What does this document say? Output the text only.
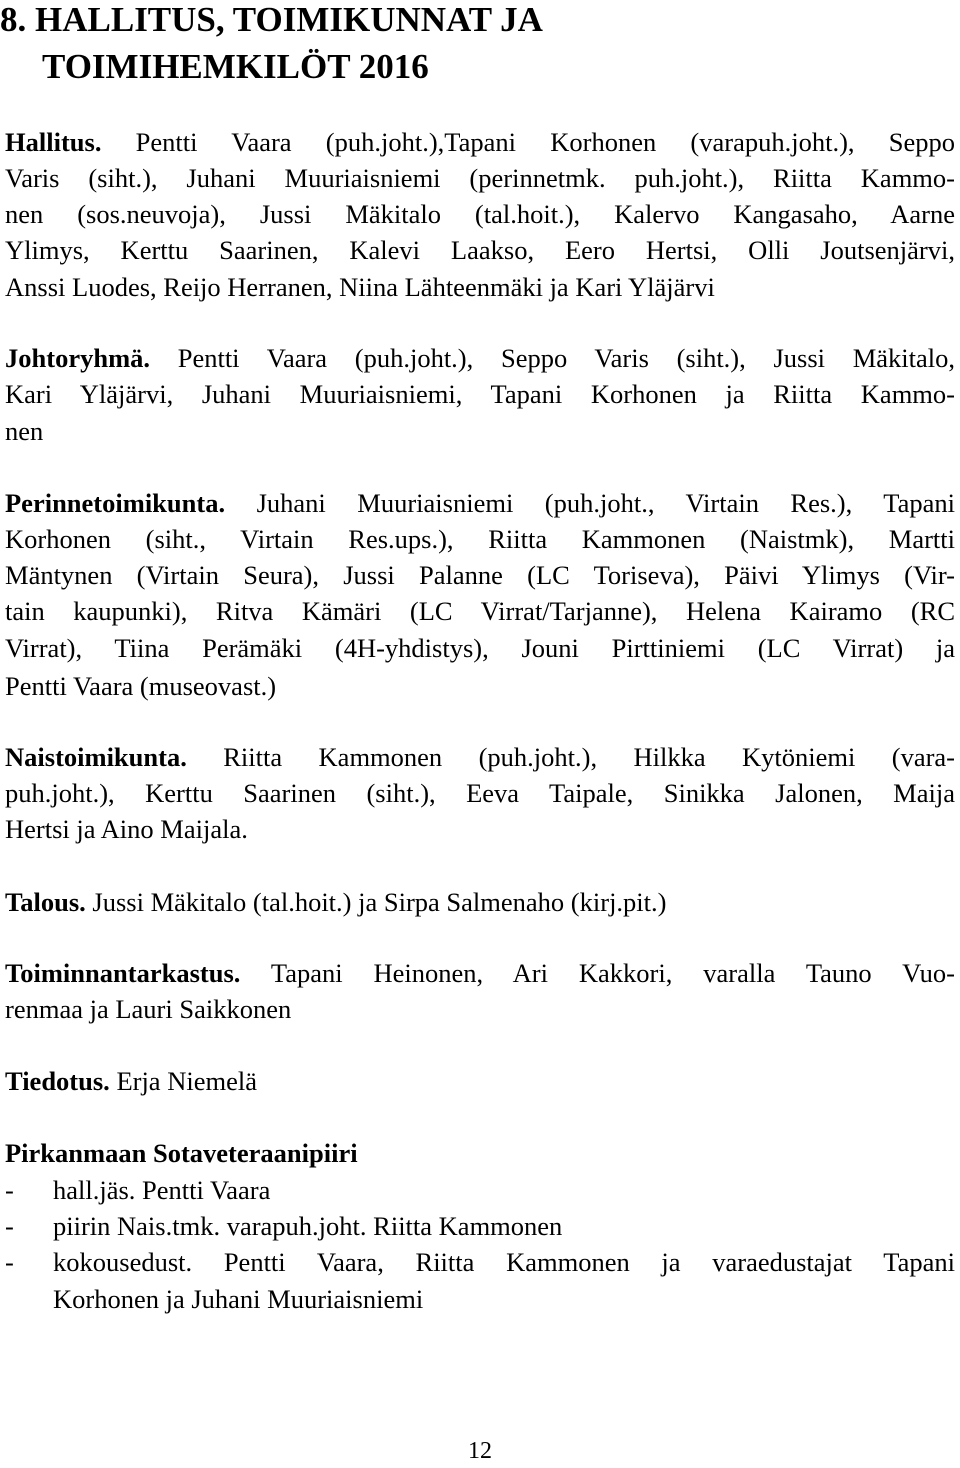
8. HALLITUS, TOIMIKUNNAT JA
TOIMIHEMKILÖT 2016
Hallitus. Pentti Vaara (puh.joht.),Tapani Korhonen (varapuh.joht.), Seppo
Varis (siht.), Juhani Muuriaisniemi (perinnetmk. puh.joht.), Riitta Kammo-
nen (sos.neuvoja), Jussi Mäkitalo (tal.hoit.), Kalervo Kangasaho, Aarne
Ylimys, Kerttu Saarinen, Kalevi Laakso, Eero Hertsi, Olli Joutsenjärvi,
Anssi Luodes, Reijo Herranen, Niina Lähteenmäki ja Kari Yläjärvi
Johtoryhmä. Pentti Vaara (puh.joht.), Seppo Varis (siht.), Jussi Mäkitalo,
Kari Yläjärvi, Juhani Muuriaisniemi, Tapani Korhonen ja Riitta Kammo-
nen
Perinnetoimikunta. Juhani Muuriaisniemi (puh.joht., Virtain Res.), Tapani
Korhonen (siht., Virtain Res.ups.), Riitta Kammonen (Naistmk), Martti
Mäntynen (Virtain Seura), Jussi Palanne (LC Toriseva), Päivi Ylimys (Vir-
tain kaupunki), Ritva Kämäri (LC Virrat/Tarjanne), Helena Kairamo (RC
Virrat), Tiina Perämäki (4H-yhdistys), Jouni Pirttiniemi (LC Virrat) ja
Pentti Vaara (museovast.)
Naistoimikunta. Riitta Kammonen (puh.joht.), Hilkka Kytöniemi (vara-
puh.joht.), Kerttu Saarinen (siht.), Eeva Taipale, Sinikka Jalonen, Maija
Hertsi ja Aino Maijala.
Talous. Jussi Mäkitalo (tal.hoit.) ja Sirpa Salmenaho (kirj.pit.)
Toiminnantarkastus. Tapani Heinonen, Ari Kakkori, varalla Tauno Vuo-
renmaa ja Lauri Saikkonen
Tiedotus. Erja Niemelä
Pirkanmaan Sotaveteraanipiiri
- hall.jäs. Pentti Vaara
- piirin Nais.tmk. varapuh.joht. Riitta Kammonen
- kokousedust. Pentti Vaara, Riitta Kammonen ja varaedustajat Tapani
Korhonen ja Juhani Muuriaisniemi
12
